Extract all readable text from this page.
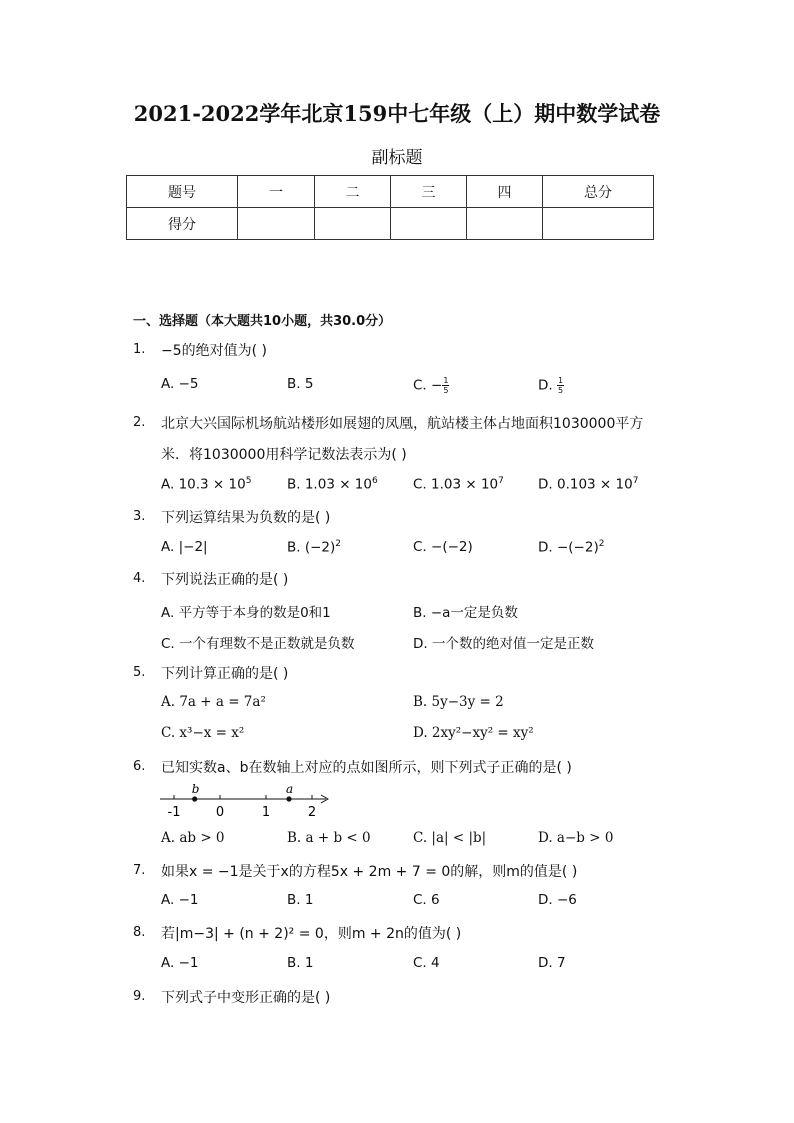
2021-2022学年北京159中七年级（上）期中数学试卷
副标题
题号	一	二	三	四	总分
得分					
一、选择题（本大题共10小题，共30.0分）
1. −5的绝对值为( )
A. −5	B. 5	C. − $\frac{1}{5}$	D. $\frac{1}{5}$
2. 北京大兴国际机场航站楼形如展翅的凤凰，航站楼主体占地面积1030000平方
米．将1030000用科学记数法表示为( )
A. $10.3 \times 10^5$	B. $1.03 \times 10^6$	C. $1.03 \times 10^7$	D. $0.103 \times 10^7$
3. 下列运算结果为负数的是( )
A. |−2|	B. $(-2)^2$	C. −(−2)	D. $-(-2)^2$
4. 下列说法正确的是( )
A. 平方等于本身的数是0和1	B. −a一定是负数
C. 一个有理数不是正数就是负数	D. 一个数的绝对值一定是正数
5. 下列计算正确的是( )
A. 7a + a = 7a²	B. 5y−3y = 2
C. x³−x = x²	D. 2xy²−xy² = xy²
6. 已知实数a、b在数轴上对应的点如图所示，则下列式子正确的是( )
-1	0	1	2
b	a
A. ab > 0	B. a + b < 0	C. |a| < |b|	D. a−b > 0
7. 如果x = −1是关于x的方程5x + 2m + 7 = 0的解，则m的值是( )
A. −1	B. 1	C. 6	D. −6
8. 若|m−3| + (n + 2)² = 0，则m + 2n的值为( )
A. −1	B. 1	C. 4	D. 7
9. 下列式子中变形正确的是( )
